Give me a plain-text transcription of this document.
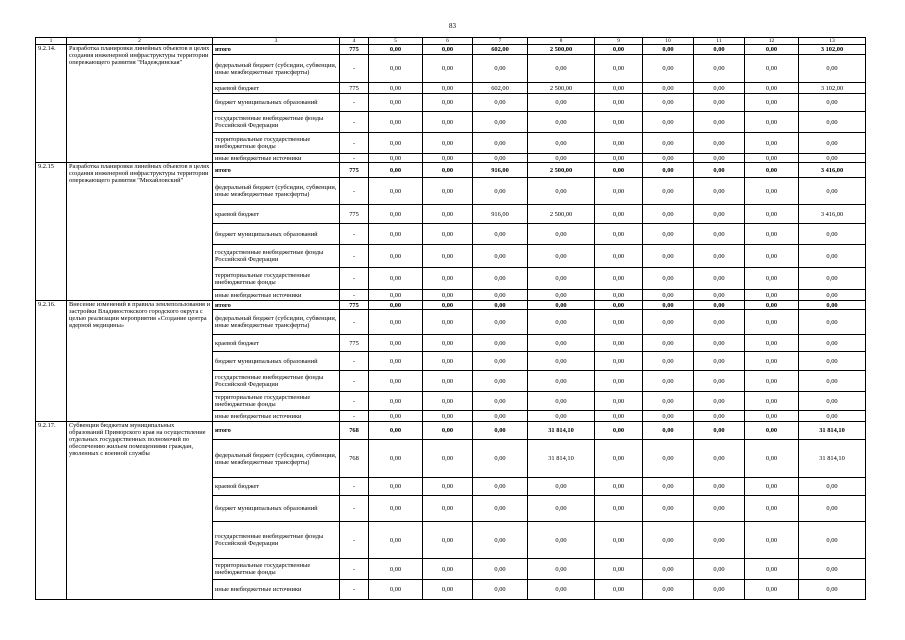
83
1	2	3	4	5	6	7	8	9	10	11	12	13
9.2.14.	Разработка планировки линейных объектов в целях создания инженерной инфраструктуры территории опережающего развития "Надеждинская"	итого	775	0,00	0,00	602,00	2 500,00	0,00	0,00	0,00	0,00	3 102,00
		федеральный бюджет (субсидии, субвенции, иные межбюджетные трансферты)	-	0,00	0,00	0,00	0,00	0,00	0,00	0,00	0,00	0,00
		краевой бюджет	775	0,00	0,00	602,00	2 500,00	0,00	0,00	0,00	0,00	3 102,00
		бюджет муниципальных образований	-	0,00	0,00	0,00	0,00	0,00	0,00	0,00	0,00	0,00
		государственные внебюджетные фонды Российской Федерации	-	0,00	0,00	0,00	0,00	0,00	0,00	0,00	0,00	0,00
		территориальные государственные внебюджетные фонды	-	0,00	0,00	0,00	0,00	0,00	0,00	0,00	0,00	0,00
		иные внебюджетные источники	-	0,00	0,00	0,00	0,00	0,00	0,00	0,00	0,00	0,00
9.2.15	Разработка планировки линейных объектов в целях создания инженерной инфраструктуры территории опережающего развития "Михайловский"	итого	775	0,00	0,00	916,00	2 500,00	0,00	0,00	0,00	0,00	3 416,00
		федеральный бюджет (субсидии, субвенции, иные межбюджетные трансферты)	-	0,00	0,00	0,00	0,00	0,00	0,00	0,00	0,00	0,00
		краевой бюджет	775	0,00	0,00	916,00	2 500,00	0,00	0,00	0,00	0,00	3 416,00
		бюджет муниципальных образований	-	0,00	0,00	0,00	0,00	0,00	0,00	0,00	0,00	0,00
		государственные внебюджетные фонды Российской Федерации	-	0,00	0,00	0,00	0,00	0,00	0,00	0,00	0,00	0,00
		территориальные государственные внебюджетные фонды	-	0,00	0,00	0,00	0,00	0,00	0,00	0,00	0,00	0,00
		иные внебюджетные источники	-	0,00	0,00	0,00	0,00	0,00	0,00	0,00	0,00	0,00
9.2.16.	Внесение изменений в правила землепользования и застройки Владивостокского городского округа с целью реализации мероприятия «Создание центра ядерной медицины»	итого	775	0,00	0,00	0,00	0,00	0,00	0,00	0,00	0,00	0,00
		федеральный бюджет (субсидии, субвенции, иные межбюджетные трансферты)	-	0,00	0,00	0,00	0,00	0,00	0,00	0,00	0,00	0,00
		краевой бюджет	775	0,00	0,00	0,00	0,00	0,00	0,00	0,00	0,00	0,00
		бюджет муниципальных образований	-	0,00	0,00	0,00	0,00	0,00	0,00	0,00	0,00	0,00
		государственные внебюджетные фонды Российской Федерации	-	0,00	0,00	0,00	0,00	0,00	0,00	0,00	0,00	0,00
		территориальные государственные внебюджетные фонды	-	0,00	0,00	0,00	0,00	0,00	0,00	0,00	0,00	0,00
		иные внебюджетные источники	-	0,00	0,00	0,00	0,00	0,00	0,00	0,00	0,00	0,00
9.2.17.	Субвенции бюджетам муниципальных образований Приморского края на осуществление отдельных государственных полномочий по обеспечению жильем помещениями граждан, уволенных с военной службы	итого	768	0,00	0,00	0,00	31 814,10	0,00	0,00	0,00	0,00	31 814,10
		федеральный бюджет (субсидии, субвенции, иные межбюджетные трансферты)	768	0,00	0,00	0,00	31 814,10	0,00	0,00	0,00	0,00	31 814,10
		краевой бюджет	-	0,00	0,00	0,00	0,00	0,00	0,00	0,00	0,00	0,00
		бюджет муниципальных образований	-	0,00	0,00	0,00	0,00	0,00	0,00	0,00	0,00	0,00
		государственные внебюджетные фонды Российской Федерации	-	0,00	0,00	0,00	0,00	0,00	0,00	0,00	0,00	0,00
		территориальные государственные внебюджетные фонды	-	0,00	0,00	0,00	0,00	0,00	0,00	0,00	0,00	0,00
		иные внебюджетные источники	-	0,00	0,00	0,00	0,00	0,00	0,00	0,00	0,00	0,00
